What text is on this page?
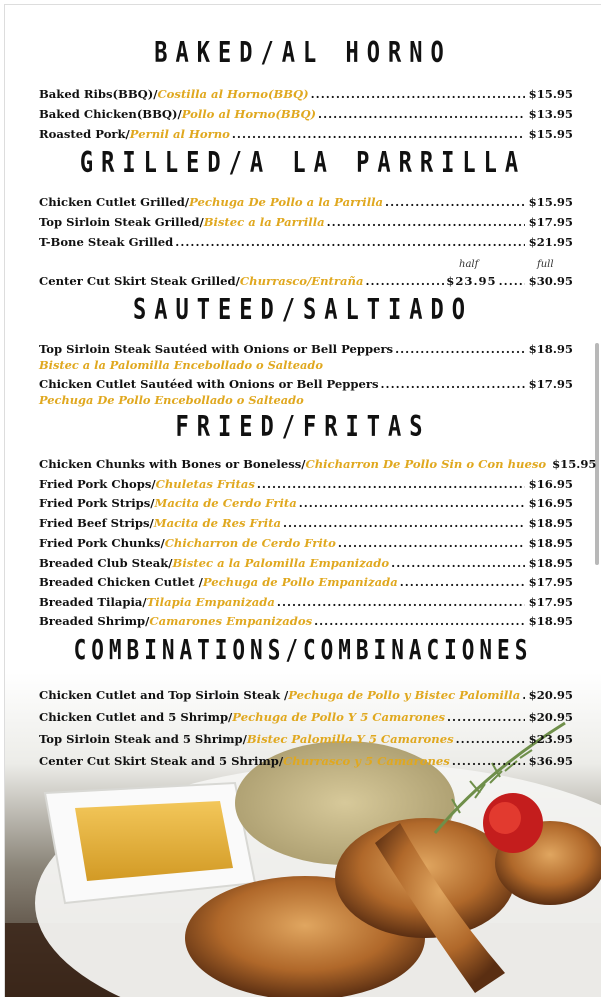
BAKED/AL HORNO
Baked Ribs(BBQ)/ Costilla al Horno(BBQ) .....	$15.95
Baked Chicken(BBQ)/ Pollo al Horno(BBQ) .....	$13.95
Roasted Pork/ Pernil al Horno .....	$15.95
GRILLED/A LA PARRILLA
Chicken Cutlet Grilled/ Pechuga De Pollo a la Parrilla .....	$15.95
Top Sirloin Steak Grilled/ Bistec a la Parrilla .....	$17.95
T-Bone Steak Grilled .....	$21.95
half	full
Center Cut Skirt Steak Grilled/ Churrasco/Entraña .....	$23.95 .....	$30.95
SAUTEED/SALTIADO
Top Sirloin Steak Sautéed with Onions or Bell Peppers .....	$18.95
Bistec a la Palomilla Encebollado o Salteado
Chicken Cutlet Sautéed with Onions or Bell Peppers .....	$17.95
Pechuga De Pollo Encebollado o Salteado
FRIED/FRITAS
Chicken Chunks with Bones or Boneless/ Chicharron De Pollo Sin o Con hueso $15.95
Fried Pork Chops/ Chuletas Fritas .....	$16.95
Fried Pork Strips/ Macita de Cerdo Frita .....	$16.95
Fried Beef Strips/ Macita de Res Frita .....	$18.95
Fried Pork Chunks/ Chicharron de Cerdo Frito .....	$18.95
Breaded Club Steak/ Bistec a la Palomilla Empanizado .....	$18.95
Breaded Chicken Cutlet / Pechuga de Pollo Empanizada .....	$17.95
Breaded Tilapia/ Tilapia Empanizada .....	$17.95
Breaded Shrimp/ Camarones Empanizados .....	$18.95
COMBINATIONS/COMBINACIONES
Chicken Cutlet and Top Sirloin Steak / Pechuga de Pollo y Bistec Palomilla ..... $20.95
Chicken Cutlet and 5 Shrimp/ Pechuga de Pollo Y 5 Camarones .....	$20.95
Top Sirloin Steak and 5 Shrimp/ Bistec Palomilla Y 5 Camarones .....	$23.95
Center Cut Skirt Steak and 5 Shrimp/ Churrasco y 5 Camarones .....	$36.95
